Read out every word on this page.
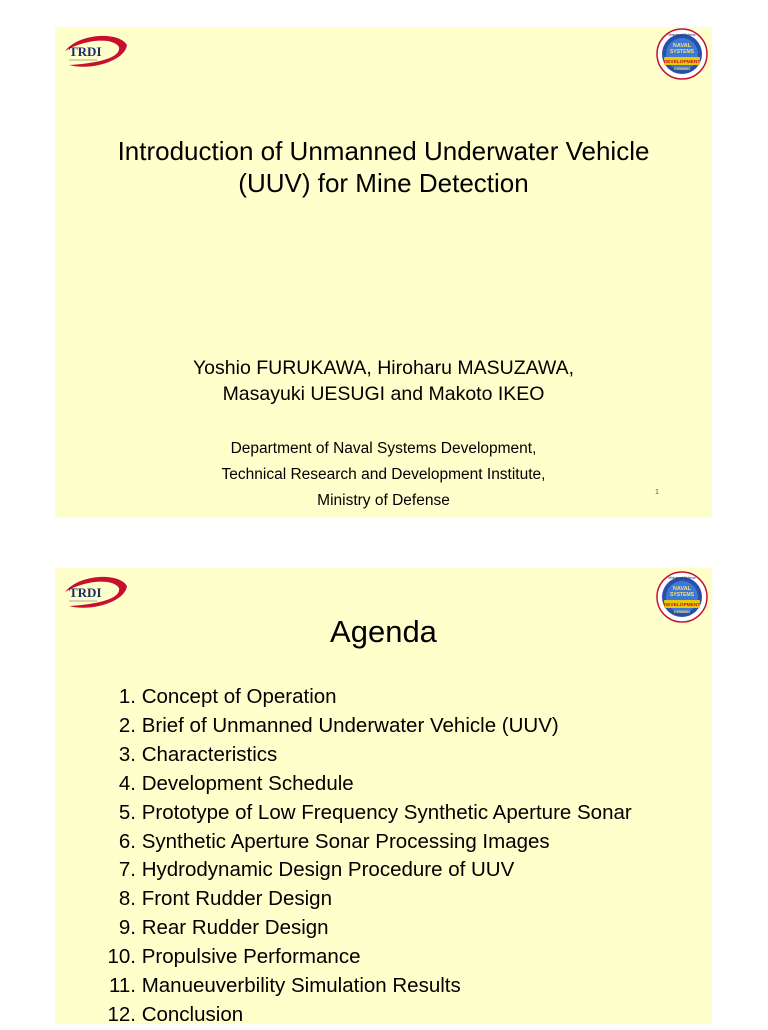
TRDI
Ministry of Defense
NAVAL
SYSTEMS
DEVELOPMENT
DIVISION
Introduction of Unmanned Underwater Vehicle
(UUV) for Mine Detection
Yoshio FURUKAWA, Hiroharu MASUZAWA,
Masayuki UESUGI and Makoto IKEO
Department of Naval Systems Development,
Technical Research and Development Institute,
Ministry of Defense	1
TRDI
Ministry of Defense
NAVAL
SYSTEMS
DEVELOPMENT
DIVISION
Agenda
1. Concept of Operation
2. Brief of Unmanned Underwater Vehicle (UUV)
3. Characteristics
4. Development Schedule
5. Prototype of Low Frequency Synthetic Aperture Sonar
6. Synthetic Aperture Sonar Processing Images
7. Hydrodynamic Design Procedure of UUV
8. Front Rudder Design
9. Rear Rudder Design
10. Propulsive Performance
11. Manueuverbility Simulation Results
12. Conclusion
